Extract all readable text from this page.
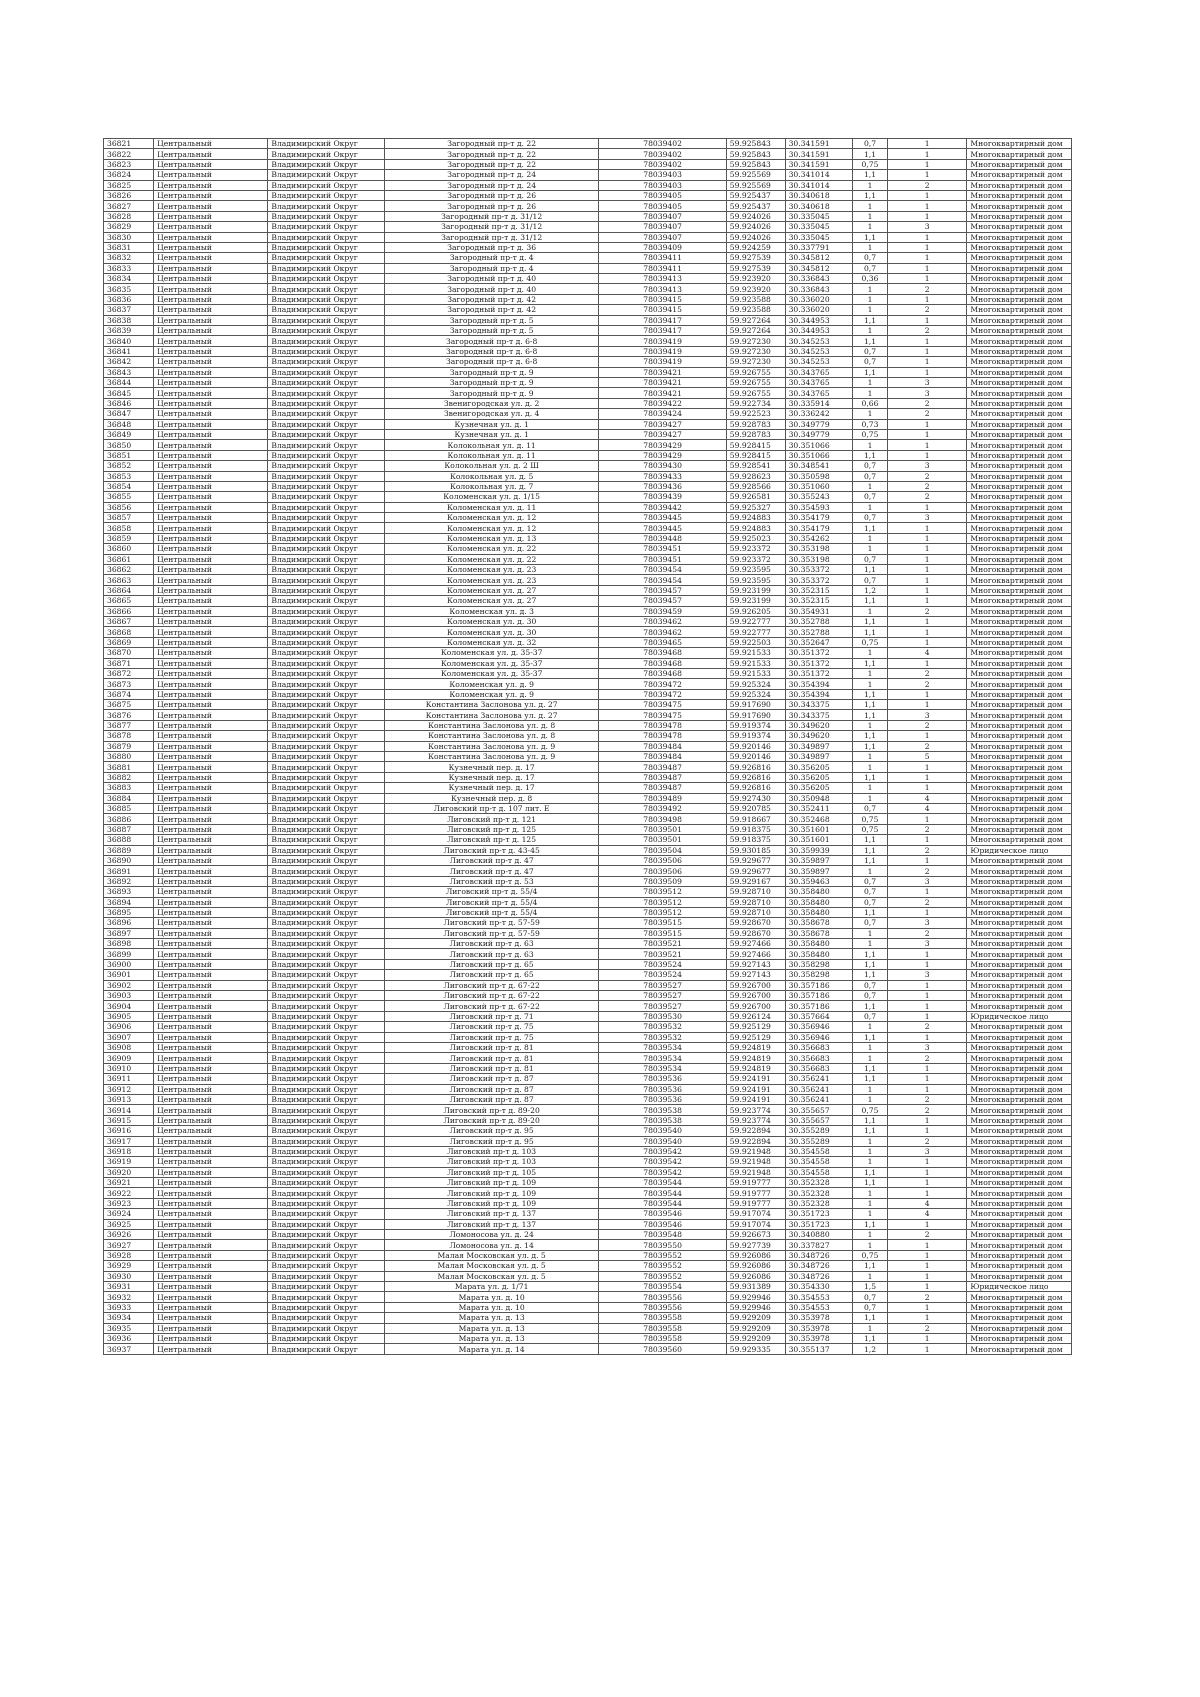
36821	Центральный	Владимирский Округ	Загородный пр-т д. 22	78039402	59.925843	30.341591	0,7	1	Многоквартирный дом
36822	Центральный	Владимирский Округ	Загородный пр-т д. 22	78039402	59.925843	30.341591	1,1	1	Многоквартирный дом
36823	Центральный	Владимирский Округ	Загородный пр-т д. 22	78039402	59.925843	30.341591	0,75	1	Многоквартирный дом
36824	Центральный	Владимирский Округ	Загородный пр-т д. 24	78039403	59.925569	30.341014	1,1	1	Многоквартирный дом
36825	Центральный	Владимирский Округ	Загородный пр-т д. 24	78039403	59.925569	30.341014	1	2	Многоквартирный дом
36826	Центральный	Владимирский Округ	Загородный пр-т д. 26	78039405	59.925437	30.340618	1,1	1	Многоквартирный дом
36827	Центральный	Владимирский Округ	Загородный пр-т д. 26	78039405	59.925437	30.340618	1	1	Многоквартирный дом
36828	Центральный	Владимирский Округ	Загородный пр-т д. 31/12	78039407	59.924026	30.335045	1	1	Многоквартирный дом
36829	Центральный	Владимирский Округ	Загородный пр-т д. 31/12	78039407	59.924026	30.335045	1	3	Многоквартирный дом
36830	Центральный	Владимирский Округ	Загородный пр-т д. 31/12	78039407	59.924026	30.335045	1,1	1	Многоквартирный дом
36831	Центральный	Владимирский Округ	Загородный пр-т д. 36	78039409	59.924259	30.337791	1	1	Многоквартирный дом
36832	Центральный	Владимирский Округ	Загородный пр-т д. 4	78039411	59.927539	30.345812	0,7	1	Многоквартирный дом
36833	Центральный	Владимирский Округ	Загородный пр-т д. 4	78039411	59.927539	30.345812	0,7	1	Многоквартирный дом
36834	Центральный	Владимирский Округ	Загородный пр-т д. 40	78039413	59.923920	30.336843	0,36	1	Многоквартирный дом
36835	Центральный	Владимирский Округ	Загородный пр-т д. 40	78039413	59.923920	30.336843	1	2	Многоквартирный дом
36836	Центральный	Владимирский Округ	Загородный пр-т д. 42	78039415	59.923588	30.336020	1	1	Многоквартирный дом
36837	Центральный	Владимирский Округ	Загородный пр-т д. 42	78039415	59.923588	30.336020	1	2	Многоквартирный дом
36838	Центральный	Владимирский Округ	Загородный пр-т д. 5	78039417	59.927264	30.344953	1,1	1	Многоквартирный дом
36839	Центральный	Владимирский Округ	Загородный пр-т д. 5	78039417	59.927264	30.344953	1	2	Многоквартирный дом
36840	Центральный	Владимирский Округ	Загородный пр-т д. 6-8	78039419	59.927230	30.345253	1,1	1	Многоквартирный дом
36841	Центральный	Владимирский Округ	Загородный пр-т д. 6-8	78039419	59.927230	30.345253	0,7	1	Многоквартирный дом
36842	Центральный	Владимирский Округ	Загородный пр-т д. 6-8	78039419	59.927230	30.345253	0,7	1	Многоквартирный дом
36843	Центральный	Владимирский Округ	Загородный пр-т д. 9	78039421	59.926755	30.343765	1,1	1	Многоквартирный дом
36844	Центральный	Владимирский Округ	Загородный пр-т д. 9	78039421	59.926755	30.343765	1	3	Многоквартирный дом
36845	Центральный	Владимирский Округ	Загородный пр-т д. 9	78039421	59.926755	30.343765	1	3	Многоквартирный дом
36846	Центральный	Владимирский Округ	Звенигородская ул. д. 2	78039422	59.922734	30.335914	0,66	2	Многоквартирный дом
36847	Центральный	Владимирский Округ	Звенигородская ул. д. 4	78039424	59.922523	30.336242	1	2	Многоквартирный дом
36848	Центральный	Владимирский Округ	Кузнечная ул. д. 1	78039427	59.928783	30.349779	0,73	1	Многоквартирный дом
36849	Центральный	Владимирский Округ	Кузнечная ул. д. 1	78039427	59.928783	30.349779	0,75	1	Многоквартирный дом
36850	Центральный	Владимирский Округ	Колокольная ул. д. 11	78039429	59.928415	30.351066	1	1	Многоквартирный дом
36851	Центральный	Владимирский Округ	Колокольная ул. д. 11	78039429	59.928415	30.351066	1,1	1	Многоквартирный дом
36852	Центральный	Владимирский Округ	Колокольная ул. д. 2 Ш	78039430	59.928541	30.348541	0,7	3	Многоквартирный дом
36853	Центральный	Владимирский Округ	Колокольная ул. д. 5	78039433	59.928623	30.350598	0,7	2	Многоквартирный дом
36854	Центральный	Владимирский Округ	Колокольная ул. д. 7	78039436	59.928566	30.351060	1	2	Многоквартирный дом
36855	Центральный	Владимирский Округ	Коломенская ул. д. 1/15	78039439	59.926581	30.355243	0,7	2	Многоквартирный дом
36856	Центральный	Владимирский Округ	Коломенская ул. д. 11	78039442	59.925327	30.354593	1	1	Многоквартирный дом
36857	Центральный	Владимирский Округ	Коломенская ул. д. 12	78039445	59.924883	30.354179	0,7	3	Многоквартирный дом
36858	Центральный	Владимирский Округ	Коломенская ул. д. 12	78039445	59.924883	30.354179	1,1	1	Многоквартирный дом
36859	Центральный	Владимирский Округ	Коломенская ул. д. 13	78039448	59.925023	30.354262	1	1	Многоквартирный дом
36860	Центральный	Владимирский Округ	Коломенская ул. д. 22	78039451	59.923372	30.353198	1	1	Многоквартирный дом
36861	Центральный	Владимирский Округ	Коломенская ул. д. 22	78039451	59.923372	30.353198	0,7	1	Многоквартирный дом
36862	Центральный	Владимирский Округ	Коломенская ул. д. 23	78039454	59.923595	30.353372	1,1	1	Многоквартирный дом
36863	Центральный	Владимирский Округ	Коломенская ул. д. 23	78039454	59.923595	30.353372	0,7	1	Многоквартирный дом
36864	Центральный	Владимирский Округ	Коломенская ул. д. 27	78039457	59.923199	30.352315	1,2	1	Многоквартирный дом
36865	Центральный	Владимирский Округ	Коломенская ул. д. 27	78039457	59.923199	30.352315	1,1	1	Многоквартирный дом
36866	Центральный	Владимирский Округ	Коломенская ул. д. 3	78039459	59.926205	30.354931	1	2	Многоквартирный дом
36867	Центральный	Владимирский Округ	Коломенская ул. д. 30	78039462	59.922777	30.352788	1,1	1	Многоквартирный дом
36868	Центральный	Владимирский Округ	Коломенская ул. д. 30	78039462	59.922777	30.352788	1,1	1	Многоквартирный дом
36869	Центральный	Владимирский Округ	Коломенская ул. д. 32	78039465	59.922503	30.352647	0,75	1	Многоквартирный дом
36870	Центральный	Владимирский Округ	Коломенская ул. д. 35-37	78039468	59.921533	30.351372	1	4	Многоквартирный дом
36871	Центральный	Владимирский Округ	Коломенская ул. д. 35-37	78039468	59.921533	30.351372	1,1	1	Многоквартирный дом
36872	Центральный	Владимирский Округ	Коломенская ул. д. 35-37	78039468	59.921533	30.351372	1	2	Многоквартирный дом
36873	Центральный	Владимирский Округ	Коломенская ул. д. 9	78039472	59.925324	30.354394	1	2	Многоквартирный дом
36874	Центральный	Владимирский Округ	Коломенская ул. д. 9	78039472	59.925324	30.354394	1,1	1	Многоквартирный дом
36875	Центральный	Владимирский Округ	Константина Заслонова ул. д. 27	78039475	59.917690	30.343375	1,1	1	Многоквартирный дом
36876	Центральный	Владимирский Округ	Константина Заслонова ул. д. 27	78039475	59.917690	30.343375	1,1	3	Многоквартирный дом
36877	Центральный	Владимирский Округ	Константина Заслонова ул. д. 8	78039478	59.919374	30.349620	1	2	Многоквартирный дом
36878	Центральный	Владимирский Округ	Константина Заслонова ул. д. 8	78039478	59.919374	30.349620	1,1	1	Многоквартирный дом
36879	Центральный	Владимирский Округ	Константина Заслонова ул. д. 9	78039484	59.920146	30.349897	1,1	2	Многоквартирный дом
36880	Центральный	Владимирский Округ	Константина Заслонова ул. д. 9	78039484	59.920146	30.349897	1	5	Многоквартирный дом
36881	Центральный	Владимирский Округ	Кузнечный пер. д. 17	78039487	59.926816	30.356205	1	1	Многоквартирный дом
36882	Центральный	Владимирский Округ	Кузнечный пер. д. 17	78039487	59.926816	30.356205	1,1	1	Многоквартирный дом
36883	Центральный	Владимирский Округ	Кузнечный пер. д. 17	78039487	59.926816	30.356205	1	1	Многоквартирный дом
36884	Центральный	Владимирский Округ	Кузнечный пер. д. 8	78039489	59.927430	30.350948	1	4	Многоквартирный дом
36885	Центральный	Владимирский Округ	Лиговский пр-т д. 107 лит. Е	78039492	59.920785	30.352411	0,7	4	Многоквартирный дом
36886	Центральный	Владимирский Округ	Лиговский пр-т д. 121	78039498	59.918667	30.352468	0,75	1	Многоквартирный дом
36887	Центральный	Владимирский Округ	Лиговский пр-т д. 125	78039501	59.918375	30.351601	0,75	2	Многоквартирный дом
36888	Центральный	Владимирский Округ	Лиговский пр-т д. 125	78039501	59.918375	30.351601	1,1	1	Многоквартирный дом
36889	Центральный	Владимирский Округ	Лиговский пр-т д. 43-45	78039504	59.930185	30.359939	1,1	2	Юридическое лицо
36890	Центральный	Владимирский Округ	Лиговский пр-т д. 47	78039506	59.929677	30.359897	1,1	1	Многоквартирный дом
36891	Центральный	Владимирский Округ	Лиговский пр-т д. 47	78039506	59.929677	30.359897	1	2	Многоквартирный дом
36892	Центральный	Владимирский Округ	Лиговский пр-т д. 53	78039509	59.929167	30.359463	0,7	3	Многоквартирный дом
36893	Центральный	Владимирский Округ	Лиговский пр-т д. 55/4	78039512	59.928710	30.358480	0,7	1	Многоквартирный дом
36894	Центральный	Владимирский Округ	Лиговский пр-т д. 55/4	78039512	59.928710	30.358480	0,7	2	Многоквартирный дом
36895	Центральный	Владимирский Округ	Лиговский пр-т д. 55/4	78039512	59.928710	30.358480	1,1	1	Многоквартирный дом
36896	Центральный	Владимирский Округ	Лиговский пр-т д. 57-59	78039515	59.928670	30.358678	0,7	3	Многоквартирный дом
36897	Центральный	Владимирский Округ	Лиговский пр-т д. 57-59	78039515	59.928670	30.358678	1	2	Многоквартирный дом
36898	Центральный	Владимирский Округ	Лиговский пр-т д. 63	78039521	59.927466	30.358480	1	3	Многоквартирный дом
36899	Центральный	Владимирский Округ	Лиговский пр-т д. 63	78039521	59.927466	30.358480	1,1	1	Многоквартирный дом
36900	Центральный	Владимирский Округ	Лиговский пр-т д. 65	78039524	59.927143	30.358298	1,1	1	Многоквартирный дом
36901	Центральный	Владимирский Округ	Лиговский пр-т д. 65	78039524	59.927143	30.358298	1,1	3	Многоквартирный дом
36902	Центральный	Владимирский Округ	Лиговский пр-т д. 67-22	78039527	59.926700	30.357186	0,7	1	Многоквартирный дом
36903	Центральный	Владимирский Округ	Лиговский пр-т д. 67-22	78039527	59.926700	30.357186	0,7	1	Многоквартирный дом
36904	Центральный	Владимирский Округ	Лиговский пр-т д. 67-22	78039527	59.926700	30.357186	1,1	1	Многоквартирный дом
36905	Центральный	Владимирский Округ	Лиговский пр-т д. 71	78039530	59.926124	30.357664	0,7	1	Юридическое лицо
36906	Центральный	Владимирский Округ	Лиговский пр-т д. 75	78039532	59.925129	30.356946	1	2	Многоквартирный дом
36907	Центральный	Владимирский Округ	Лиговский пр-т д. 75	78039532	59.925129	30.356946	1,1	1	Многоквартирный дом
36908	Центральный	Владимирский Округ	Лиговский пр-т д. 81	78039534	59.924819	30.356683	1	3	Многоквартирный дом
36909	Центральный	Владимирский Округ	Лиговский пр-т д. 81	78039534	59.924819	30.356683	1	2	Многоквартирный дом
36910	Центральный	Владимирский Округ	Лиговский пр-т д. 81	78039534	59.924819	30.356683	1,1	1	Многоквартирный дом
36911	Центральный	Владимирский Округ	Лиговский пр-т д. 87	78039536	59.924191	30.356241	1,1	1	Многоквартирный дом
36912	Центральный	Владимирский Округ	Лиговский пр-т д. 87	78039536	59.924191	30.356241	1	1	Многоквартирный дом
36913	Центральный	Владимирский Округ	Лиговский пр-т д. 87	78039536	59.924191	30.356241	1	2	Многоквартирный дом
36914	Центральный	Владимирский Округ	Лиговский пр-т д. 89-20	78039538	59.923774	30.355657	0,75	2	Многоквартирный дом
36915	Центральный	Владимирский Округ	Лиговский пр-т д. 89-20	78039538	59.923774	30.355657	1,1	1	Многоквартирный дом
36916	Центральный	Владимирский Округ	Лиговский пр-т д. 95	78039540	59.922894	30.355289	1,1	1	Многоквартирный дом
36917	Центральный	Владимирский Округ	Лиговский пр-т д. 95	78039540	59.922894	30.355289	1	2	Многоквартирный дом
36918	Центральный	Владимирский Округ	Лиговский пр-т д. 103	78039542	59.921948	30.354558	1	3	Многоквартирный дом
36919	Центральный	Владимирский Округ	Лиговский пр-т д. 103	78039542	59.921948	30.354558	1	1	Многоквартирный дом
36920	Центральный	Владимирский Округ	Лиговский пр-т д. 105	78039542	59.921948	30.354558	1,1	1	Многоквартирный дом
36921	Центральный	Владимирский Округ	Лиговский пр-т д. 109	78039544	59.919777	30.352328	1,1	1	Многоквартирный дом
36922	Центральный	Владимирский Округ	Лиговский пр-т д. 109	78039544	59.919777	30.352328	1	1	Многоквартирный дом
36923	Центральный	Владимирский Округ	Лиговский пр-т д. 109	78039544	59.919777	30.352328	1	4	Многоквартирный дом
36924	Центральный	Владимирский Округ	Лиговский пр-т д. 137	78039546	59.917074	30.351723	1	4	Многоквартирный дом
36925	Центральный	Владимирский Округ	Лиговский пр-т д. 137	78039546	59.917074	30.351723	1,1	1	Многоквартирный дом
36926	Центральный	Владимирский Округ	Ломоносова ул. д. 24	78039548	59.926673	30.340880	1	2	Многоквартирный дом
36927	Центральный	Владимирский Округ	Ломоносова ул. д. 14	78039550	59.927739	30.337827	1	1	Многоквартирный дом
36928	Центральный	Владимирский Округ	Малая Московская ул. д. 5	78039552	59.926086	30.348726	0,75	1	Многоквартирный дом
36929	Центральный	Владимирский Округ	Малая Московская ул. д. 5	78039552	59.926086	30.348726	1,1	1	Многоквартирный дом
36930	Центральный	Владимирский Округ	Малая Московская ул. д. 5	78039552	59.926086	30.348726	1	1	Многоквартирный дом
36931	Центральный	Владимирский Округ	Марата ул. д. 1/71	78039554	59.931389	30.354330	1,5	1	Юридическое лицо
36932	Центральный	Владимирский Округ	Марата ул. д. 10	78039556	59.929946	30.354553	0,7	2	Многоквартирный дом
36933	Центральный	Владимирский Округ	Марата ул. д. 10	78039556	59.929946	30.354553	0,7	1	Многоквартирный дом
36934	Центральный	Владимирский Округ	Марата ул. д. 13	78039558	59.929209	30.353978	1,1	1	Многоквартирный дом
36935	Центральный	Владимирский Округ	Марата ул. д. 13	78039558	59.929209	30.353978	1	2	Многоквартирный дом
36936	Центральный	Владимирский Округ	Марата ул. д. 13	78039558	59.929209	30.353978	1,1	1	Многоквартирный дом
36937	Центральный	Владимирский Округ	Марата ул. д. 14	78039560	59.929335	30.355137	1,2	1	Многоквартирный дом
